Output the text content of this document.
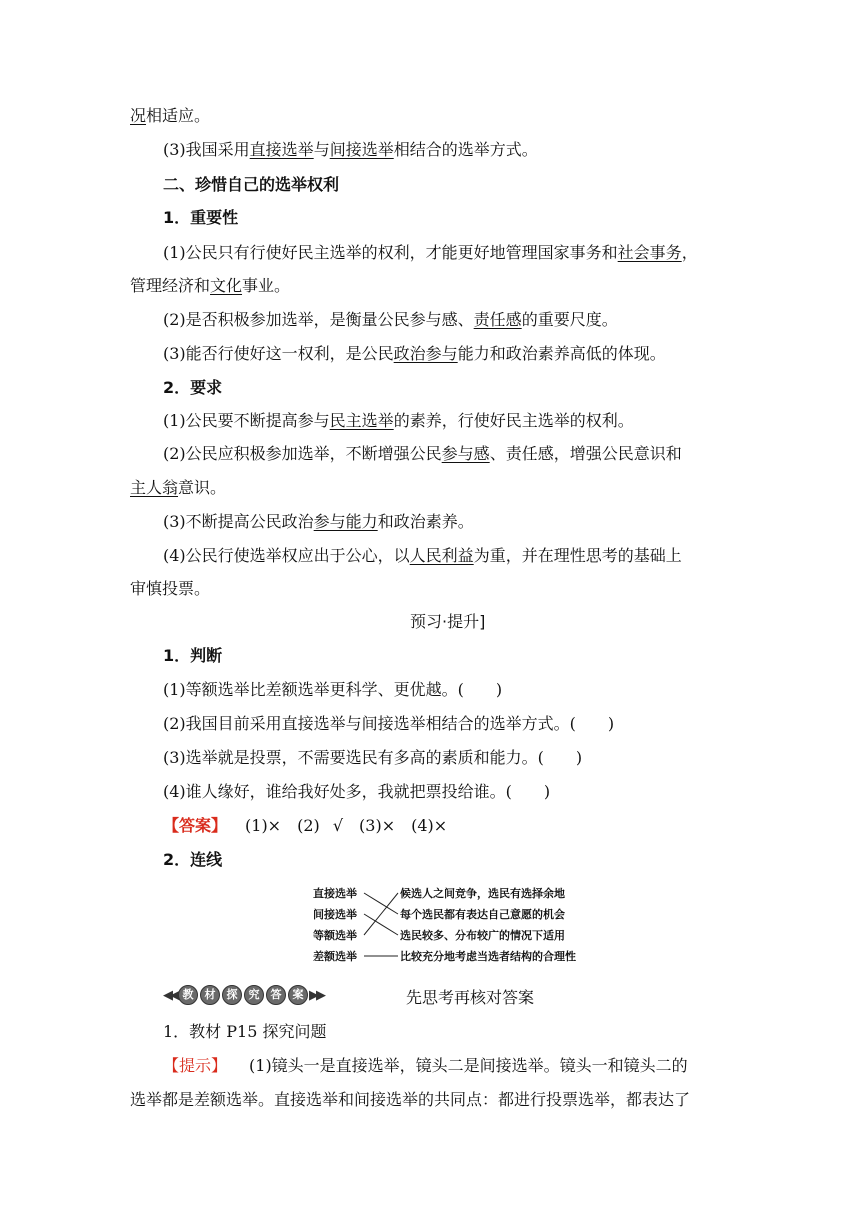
况相适应。
(3)我国采用直接选举与间接选举相结合的选举方式。
二、珍惜自己的选举权利
1．重要性
(1)公民只有行使好民主选举的权利，才能更好地管理国家事务和社会事务，
管理经济和文化事业。
(2)是否积极参加选举，是衡量公民参与感、责任感的重要尺度。
(3)能否行使好这一权利，是公民政治参与能力和政治素养高低的体现。
2．要求
(1)公民要不断提高参与民主选举的素养，行使好民主选举的权利。
(2)公民应积极参加选举，不断增强公民参与感、责任感，增强公民意识和
主人翁意识。
(3)不断提高公民政治参与能力和政治素养。
(4)公民行使选举权应出于公心，以人民利益为重，并在理性思考的基础上
审慎投票。
预习·提升]
1．判断
(1)等额选举比差额选举更科学、更优越。(　　)
(2)我国目前采用直接选举与间接选举相结合的选举方式。(　　)
(3)选举就是投票，不需要选民有多高的素质和能力。(　　)
(4)谁人缘好，谁给我好处多，我就把票投给谁。(　　)
【答案】 (1)×　(2) √　(3)×　(4)×
2．连线
直接选举
间接选举
等额选举
差额选举
候选人之间竞争，选民有选择余地
每个选民都有表达自己意愿的机会
选民较多、分布较广的情况下适用
比较充分地考虑当选者结构的合理性
◀◀ 教	材	探	究	答	案 ▶▶	先思考再核对答案
1．教材 P15 探究问题
【提示】 (1)镜头一是直接选举，镜头二是间接选举。镜头一和镜头二的
选举都是差额选举。直接选举和间接选举的共同点：都进行投票选举，都表达了
